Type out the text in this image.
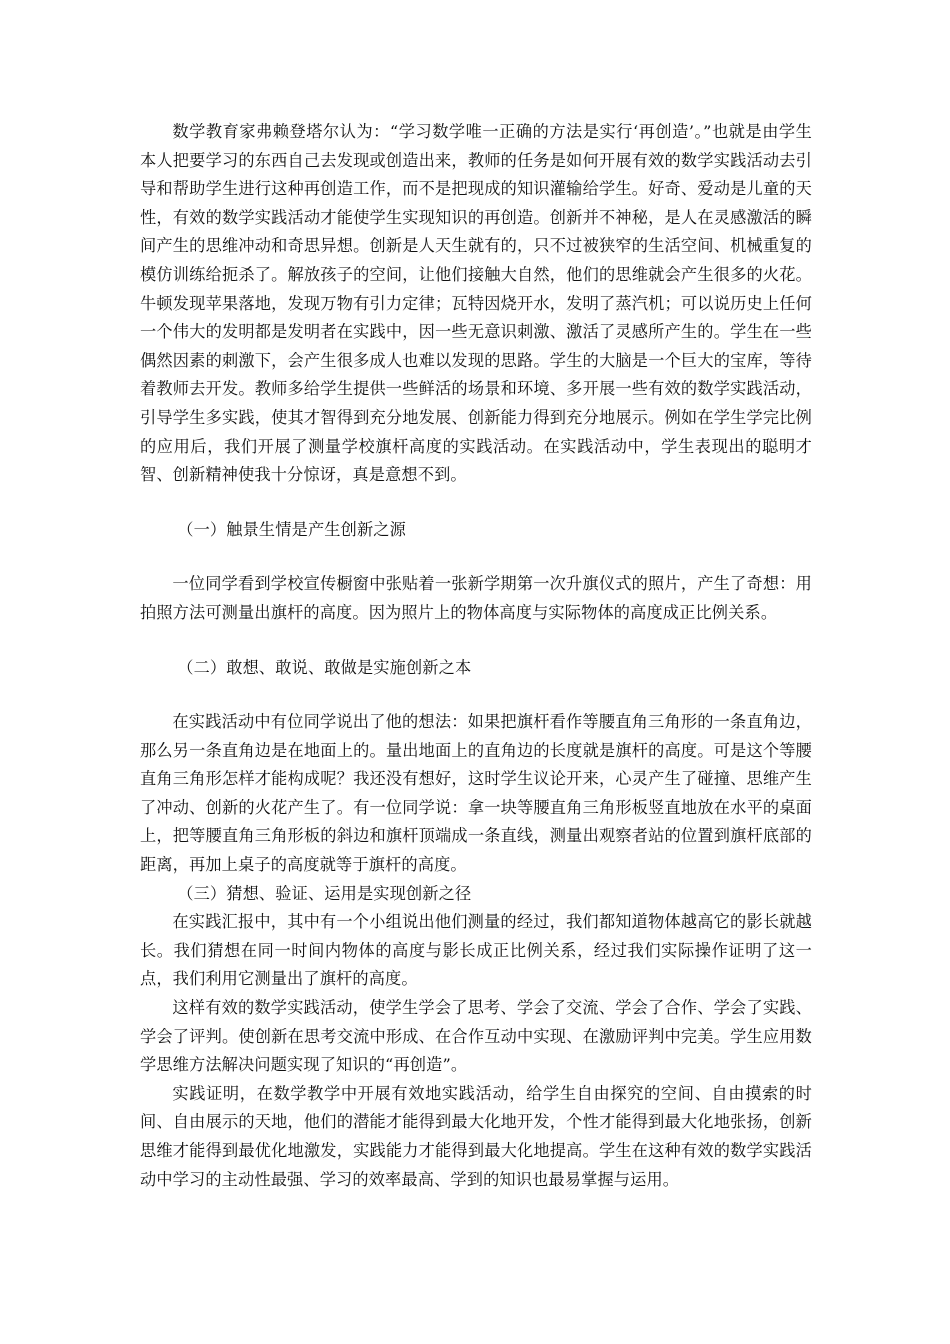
数学教育家弗赖登塔尔认为：“学习数学唯一正确的方法是实行‘再创造’。”也就是由学生本人把要学习的东西自己去发现或创造出来，教师的任务是如何开展有效的数学实践活动去引导和帮助学生进行这种再创造工作，而不是把现成的知识灌输给学生。好奇、爱动是儿童的天性，有效的数学实践活动才能使学生实现知识的再创造。创新并不神秘，是人在灵感激活的瞬间产生的思维冲动和奇思异想。创新是人天生就有的，只不过被狭窄的生活空间、机械重复的模仿训练给扼杀了。解放孩子的空间，让他们接触大自然，他们的思维就会产生很多的火花。牛顿发现苹果落地，发现万物有引力定律；瓦特因烧开水，发明了蒸汽机；可以说历史上任何一个伟大的发明都是发明者在实践中，因一些无意识刺激、激活了灵感所产生的。学生在一些偶然因素的刺激下，会产生很多成人也难以发现的思路。学生的大脑是一个巨大的宝库，等待着教师去开发。教师多给学生提供一些鲜活的场景和环境、多开展一些有效的数学实践活动，引导学生多实践，使其才智得到充分地发展、创新能力得到充分地展示。例如在学生学完比例的应用后，我们开展了测量学校旗杆高度的实践活动。在实践活动中，学生表现出的聪明才智、创新精神使我十分惊讶，真是意想不到。

（一）触景生情是产生创新之源

一位同学看到学校宣传橱窗中张贴着一张新学期第一次升旗仪式的照片，产生了奇想：用拍照方法可测量出旗杆的高度。因为照片上的物体高度与实际物体的高度成正比例关系。

（二）敢想、敢说、敢做是实施创新之本

在实践活动中有位同学说出了他的想法：如果把旗杆看作等腰直角三角形的一条直角边，那么另一条直角边是在地面上的。量出地面上的直角边的长度就是旗杆的高度。可是这个等腰直角三角形怎样才能构成呢？我还没有想好，这时学生议论开来，心灵产生了碰撞、思维产生了冲动、创新的火花产生了。有一位同学说：拿一块等腰直角三角形板竖直地放在水平的桌面上，把等腰直角三角形板的斜边和旗杆顶端成一条直线，测量出观察者站的位置到旗杆底部的距离，再加上桌子的高度就等于旗杆的高度。

（三）猜想、验证、运用是实现创新之径

在实践汇报中，其中有一个小组说出他们测量的经过，我们都知道物体越高它的影长就越长。我们猜想在同一时间内物体的高度与影长成正比例关系，经过我们实际操作证明了这一点，我们利用它测量出了旗杆的高度。

这样有效的数学实践活动，使学生学会了思考、学会了交流、学会了合作、学会了实践、学会了评判。使创新在思考交流中形成、在合作互动中实现、在激励评判中完美。学生应用数学思维方法解决问题实现了知识的“再创造”。

实践证明，在数学教学中开展有效地实践活动，给学生自由探究的空间、自由摸索的时间、自由展示的天地，他们的潜能才能得到最大化地开发，个性才能得到最大化地张扬，创新思维才能得到最优化地激发，实践能力才能得到最大化地提高。学生在这种有效的数学实践活动中学习的主动性最强、学习的效率最高、学到的知识也最易掌握与运用。
